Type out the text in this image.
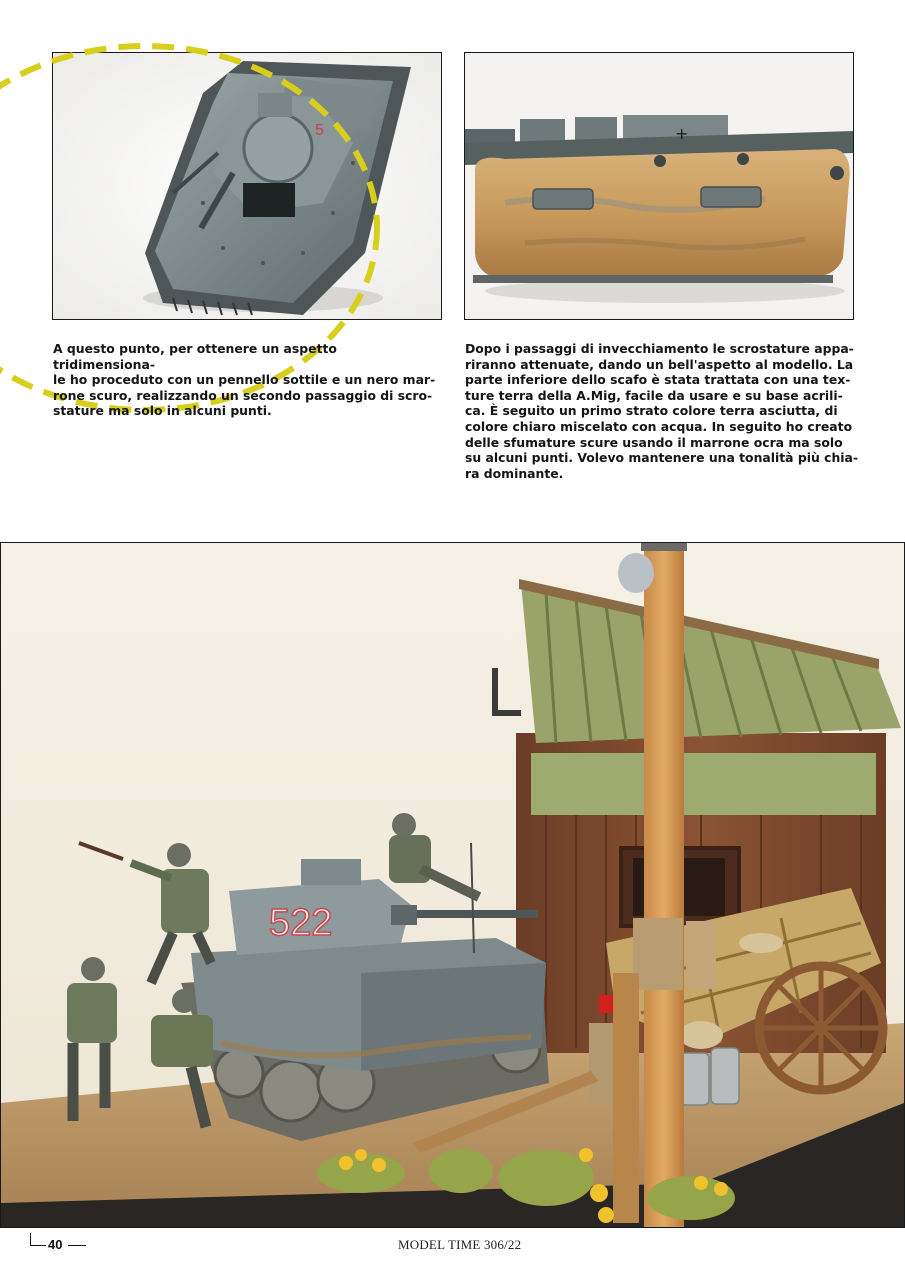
5	+

A questo punto, per ottenere un aspetto tridimensiona-

le ho proceduto con un pennello sottile e un nero mar-

rone scuro, realizzando un secondo passaggio di scro-

stature ma solo in alcuni punti.

Dopo i passaggi di invecchiamento le scrostature appa-

riranno attenuate, dando un bell'aspetto al modello. La

parte inferiore dello scafo è stata trattata con una tex-

ture terra della A.Mig, facile da usare e su base acrili-

ca. È seguito un primo strato colore terra asciutta, di

colore chiaro miscelato con acqua. In seguito ho creato

delle sfumature scure usando il marrone ocra ma solo

su alcuni punti. Volevo mantenere una tonalità più chia-

ra dominante.

522
40	MODEL TIME 306/22
